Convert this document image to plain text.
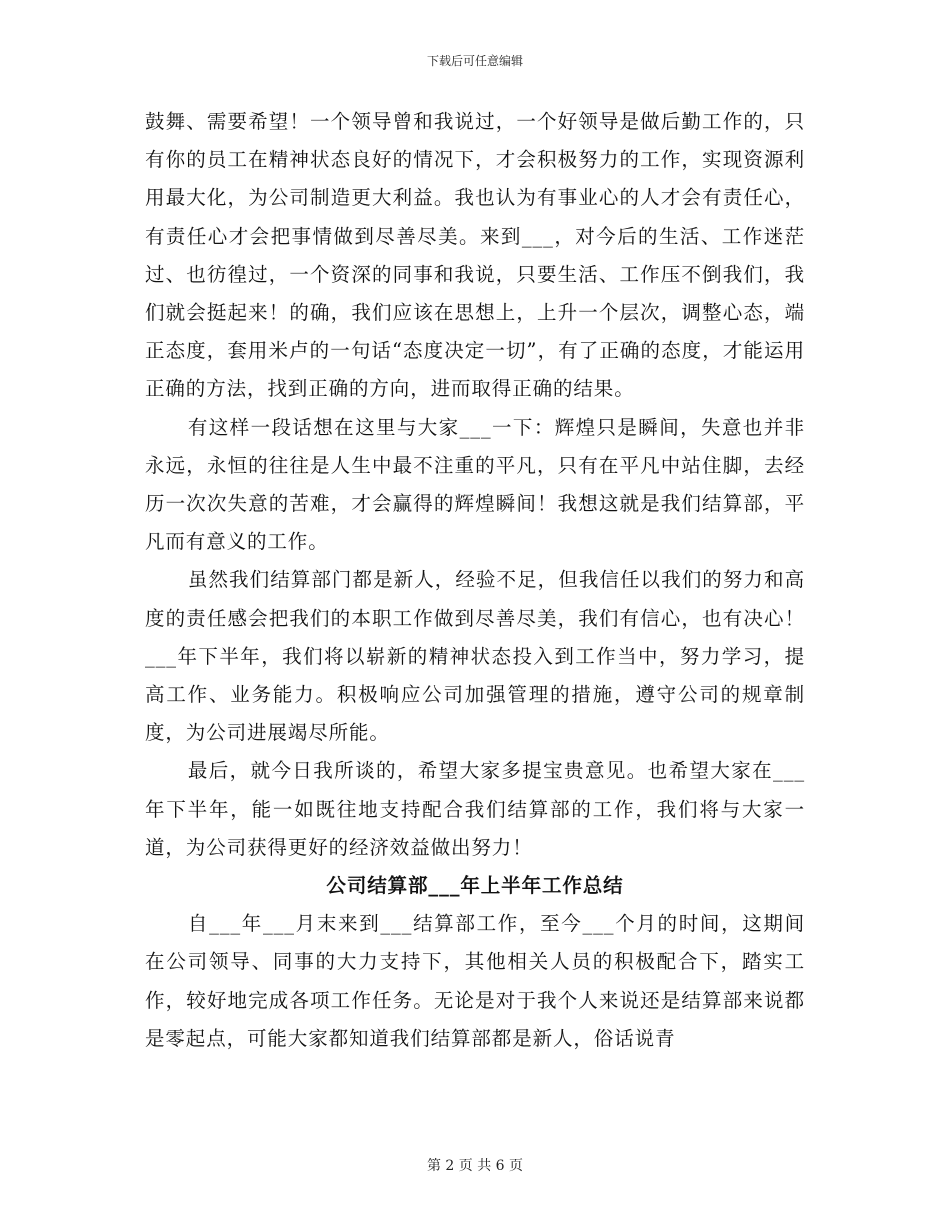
下载后可任意编辑

鼓舞、需要希望！一个领导曾和我说过，一个好领导是做后勤工作的，只有你的员工在精神状态良好的情况下，才会积极努力的工作，实现资源利用最大化，为公司制造更大利益。我也认为有事业心的人才会有责任心，有责任心才会把事情做到尽善尽美。来到___，对今后的生活、工作迷茫过、也彷徨过，一个资深的同事和我说，只要生活、工作压不倒我们，我们就会挺起来！的确，我们应该在思想上，上升一个层次，调整心态，端正态度，套用米卢的一句话“态度决定一切”，有了正确的态度，才能运用正确的方法，找到正确的方向，进而取得正确的结果。

有这样一段话想在这里与大家___一下：辉煌只是瞬间，失意也并非永远，永恒的往往是人生中最不注重的平凡，只有在平凡中站住脚，去经历一次次失意的苦难，才会赢得的辉煌瞬间！我想这就是我们结算部，平凡而有意义的工作。

虽然我们结算部门都是新人，经验不足，但我信任以我们的努力和高度的责任感会把我们的本职工作做到尽善尽美，我们有信心，也有决心！___年下半年，我们将以崭新的精神状态投入到工作当中，努力学习，提高工作、业务能力。积极响应公司加强管理的措施，遵守公司的规章制度，为公司进展竭尽所能。

最后，就今日我所谈的，希望大家多提宝贵意见。也希望大家在___年下半年，能一如既往地支持配合我们结算部的工作，我们将与大家一道，为公司获得更好的经济效益做出努力！

公司结算部___年上半年工作总结

自___年___月末来到___结算部工作，至今___个月的时间，这期间在公司领导、同事的大力支持下，其他相关人员的积极配合下，踏实工作，较好地完成各项工作任务。无论是对于我个人来说还是结算部来说都是零起点，可能大家都知道我们结算部都是新人，俗话说青

第 2 页 共 6 页
